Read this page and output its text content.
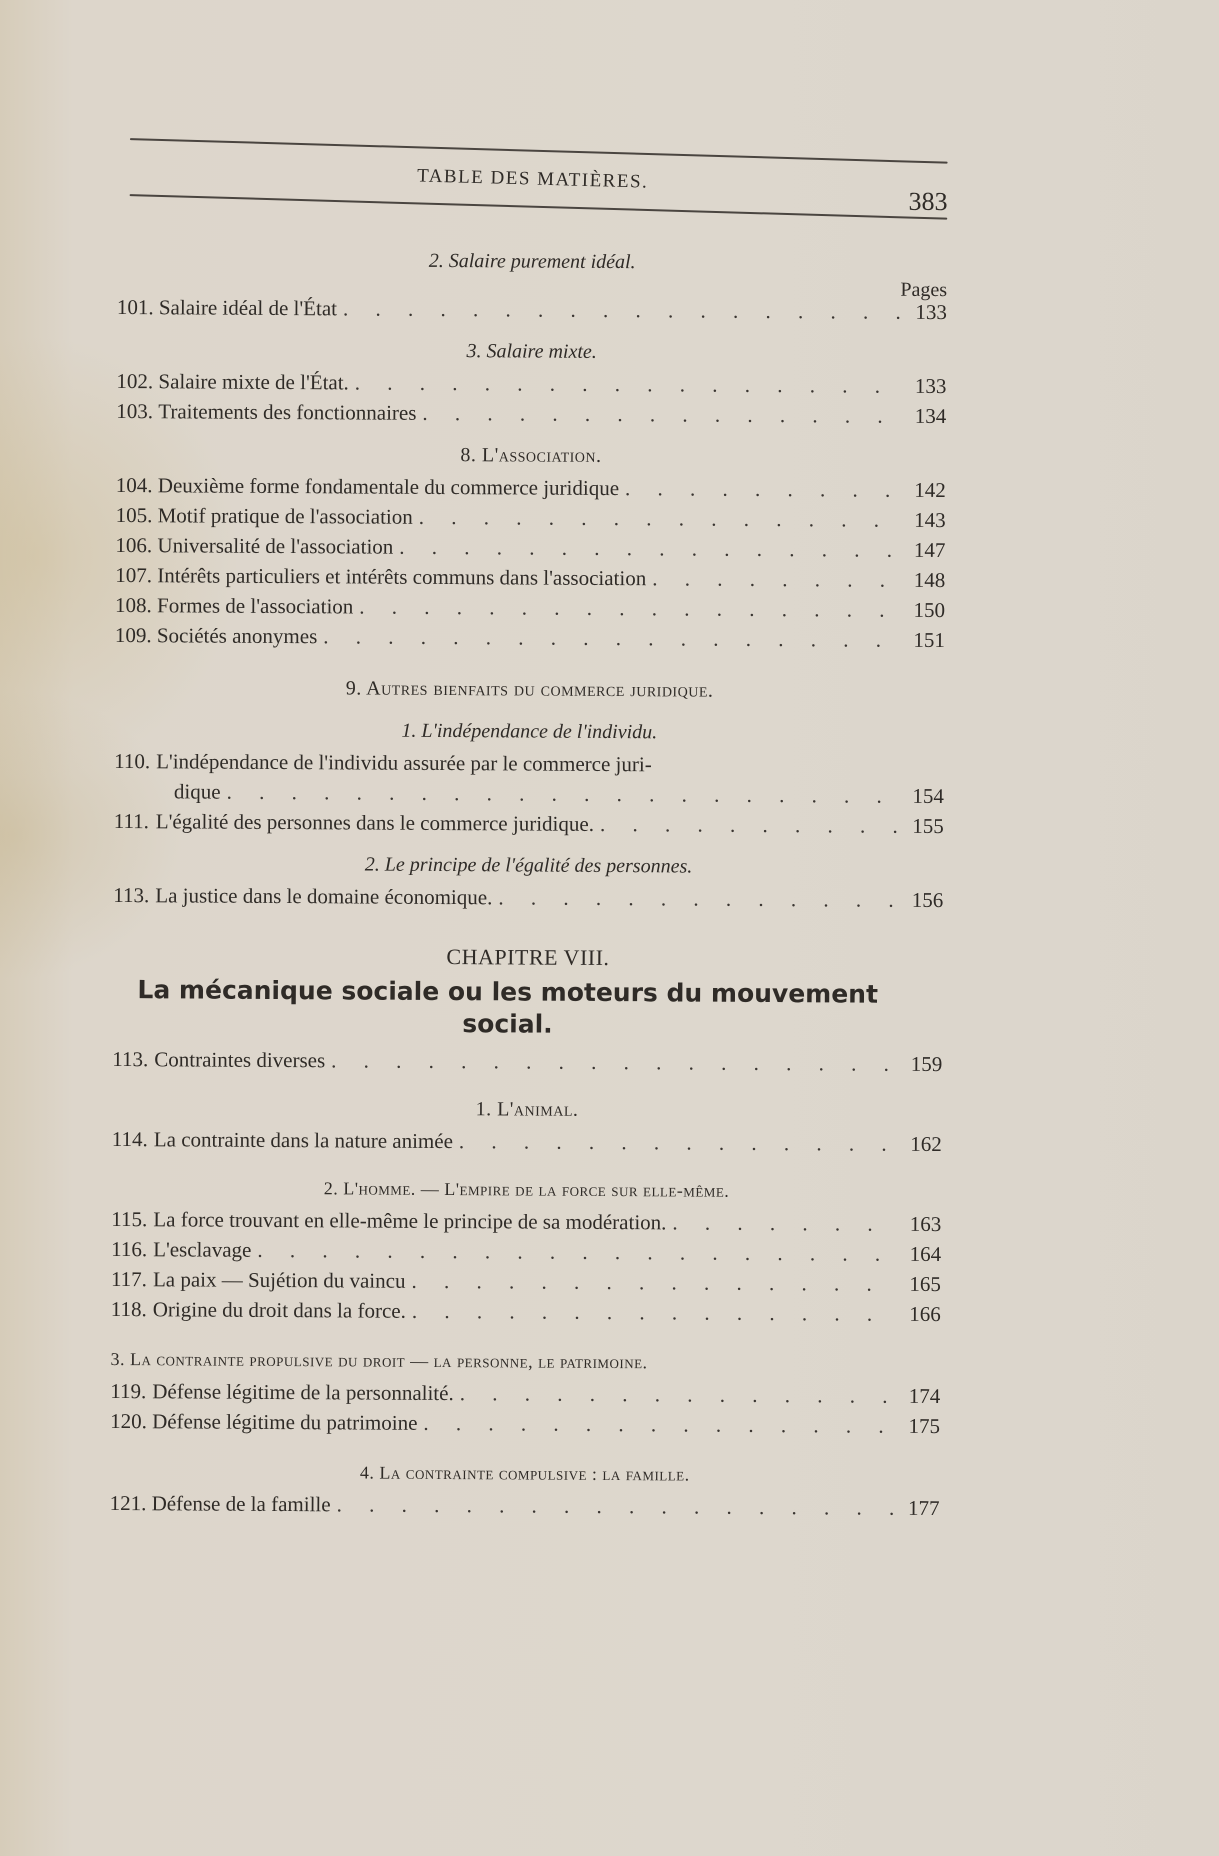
TABLE DES MATIÈRES.
383
2. Salaire purement idéal.
Pages
101. Salaire idéal de l'État . . .	133
3. Salaire mixte.
102. Salaire mixte de l'État. . . .	133
103. Traitements des fonctionnaires . . .	134
8. L'association.
104. Deuxième forme fondamentale du commerce juridique . . .	142
105. Motif pratique de l'association . . .	143
106. Universalité de l'association . . .	147
107. Intérêts particuliers et intérêts communs dans l'association . . .	148
108. Formes de l'association . . .	150
109. Sociétés anonymes . . .	151
9. Autres bienfaits du commerce juridique.
1. L'indépendance de l'individu.
110. L'indépendance de l'individu assurée par le commerce juri-
dique . . .	154
111. L'égalité des personnes dans le commerce juridique. . . .	155
2. Le principe de l'égalité des personnes.
113. La justice dans le domaine économique. . . .	156
CHAPITRE VIII.
La mécanique sociale ou les moteurs du mouvement social.
113. Contraintes diverses . . .	159
1. L'animal.
114. La contrainte dans la nature animée . . .	162
2. L'homme. — L'empire de la force sur elle-même.
115. La force trouvant en elle-même le principe de sa modération. . . .	163
116. L'esclavage . . .	164
117. La paix — Sujétion du vaincu . . .	165
118. Origine du droit dans la force. . . .	166
3. La contrainte propulsive du droit — la personne, le patrimoine.
119. Défense légitime de la personnalité. . . .	174
120. Défense légitime du patrimoine . . .	175
4. La contrainte compulsive : la famille.
121. Défense de la famille . . .	177
